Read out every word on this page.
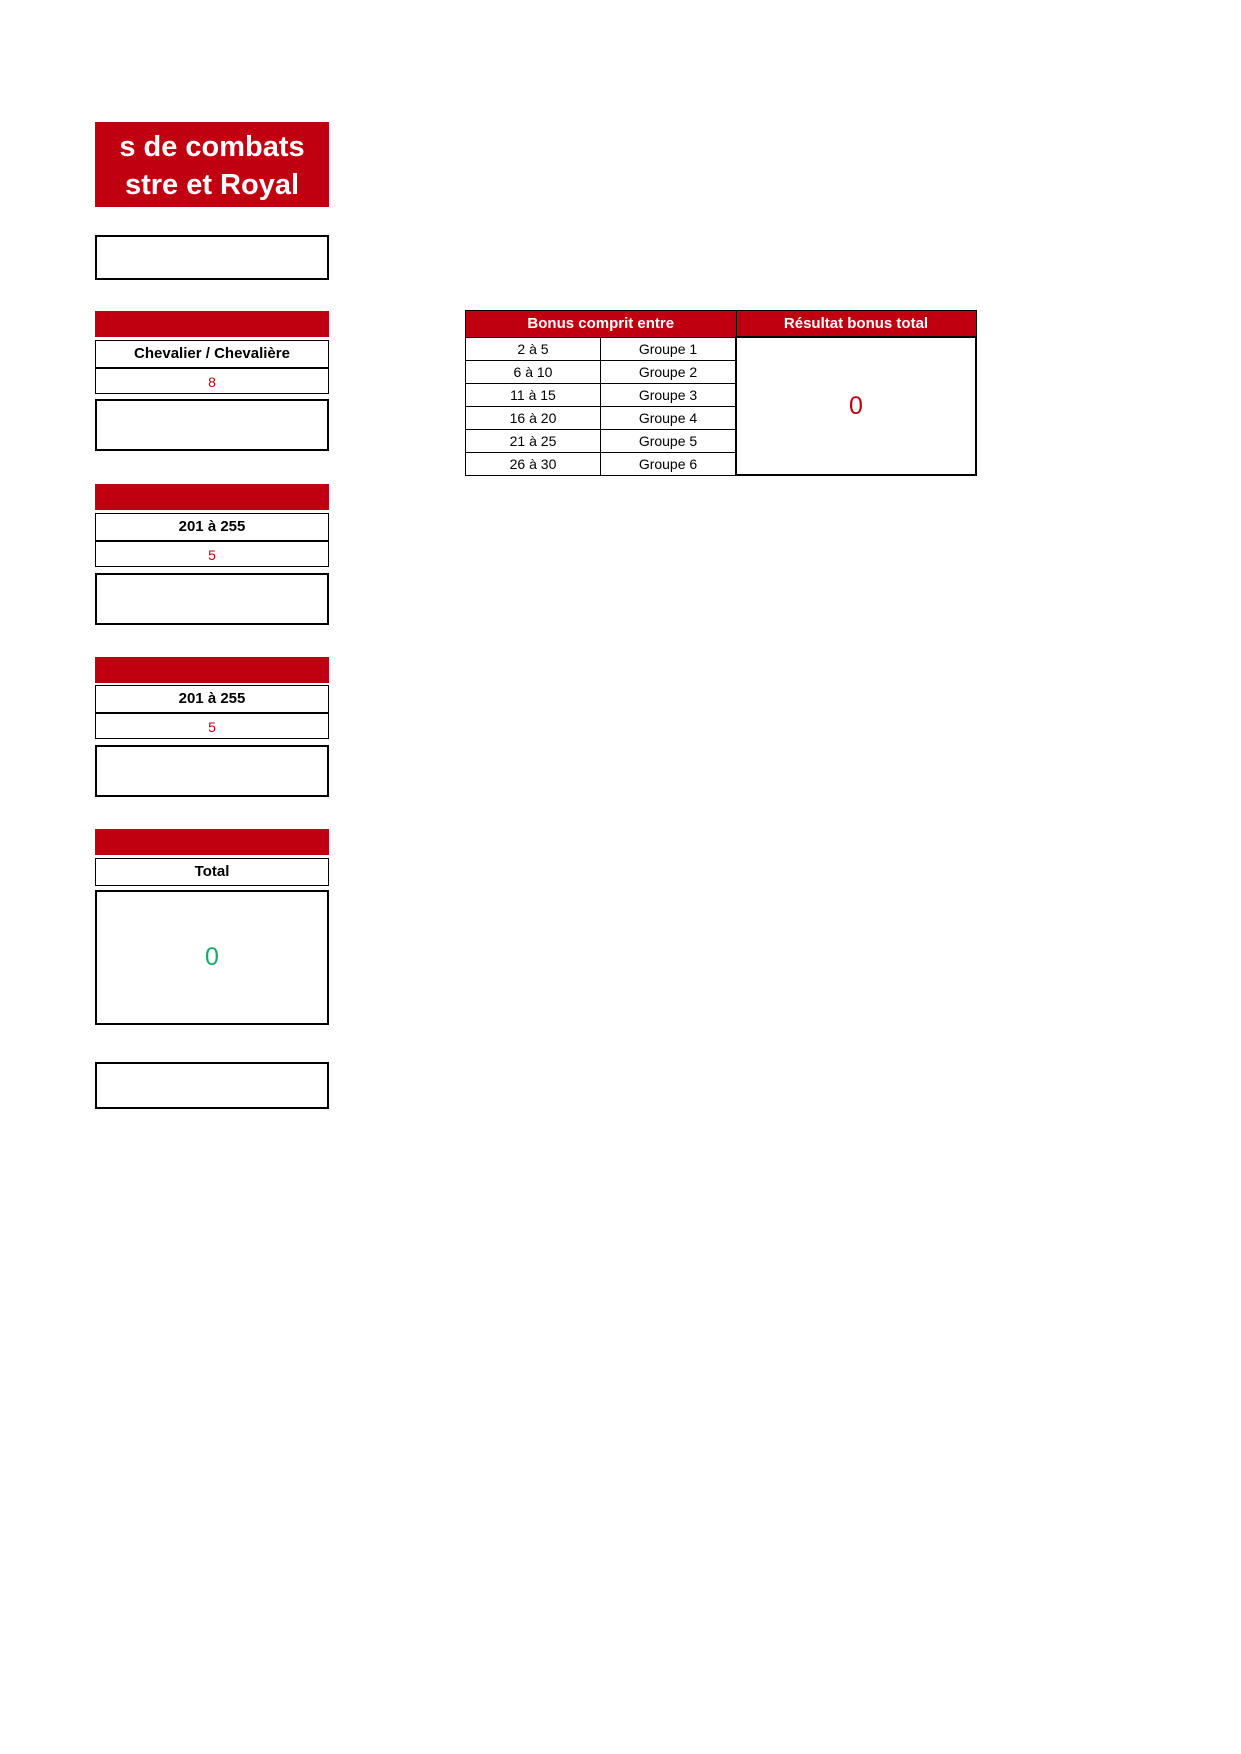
s de combats
stre et Royal
Chevalier / Chevalière
8
201 à 255
5
201 à 255
5
Total
0
Bonus comprit entre		Résultat bonus total
2 à 5	Groupe 1	0
6 à 10	Groupe 2	
11 à 15	Groupe 3	
16 à 20	Groupe 4	
21 à 25	Groupe 5	
26 à 30	Groupe 6	
